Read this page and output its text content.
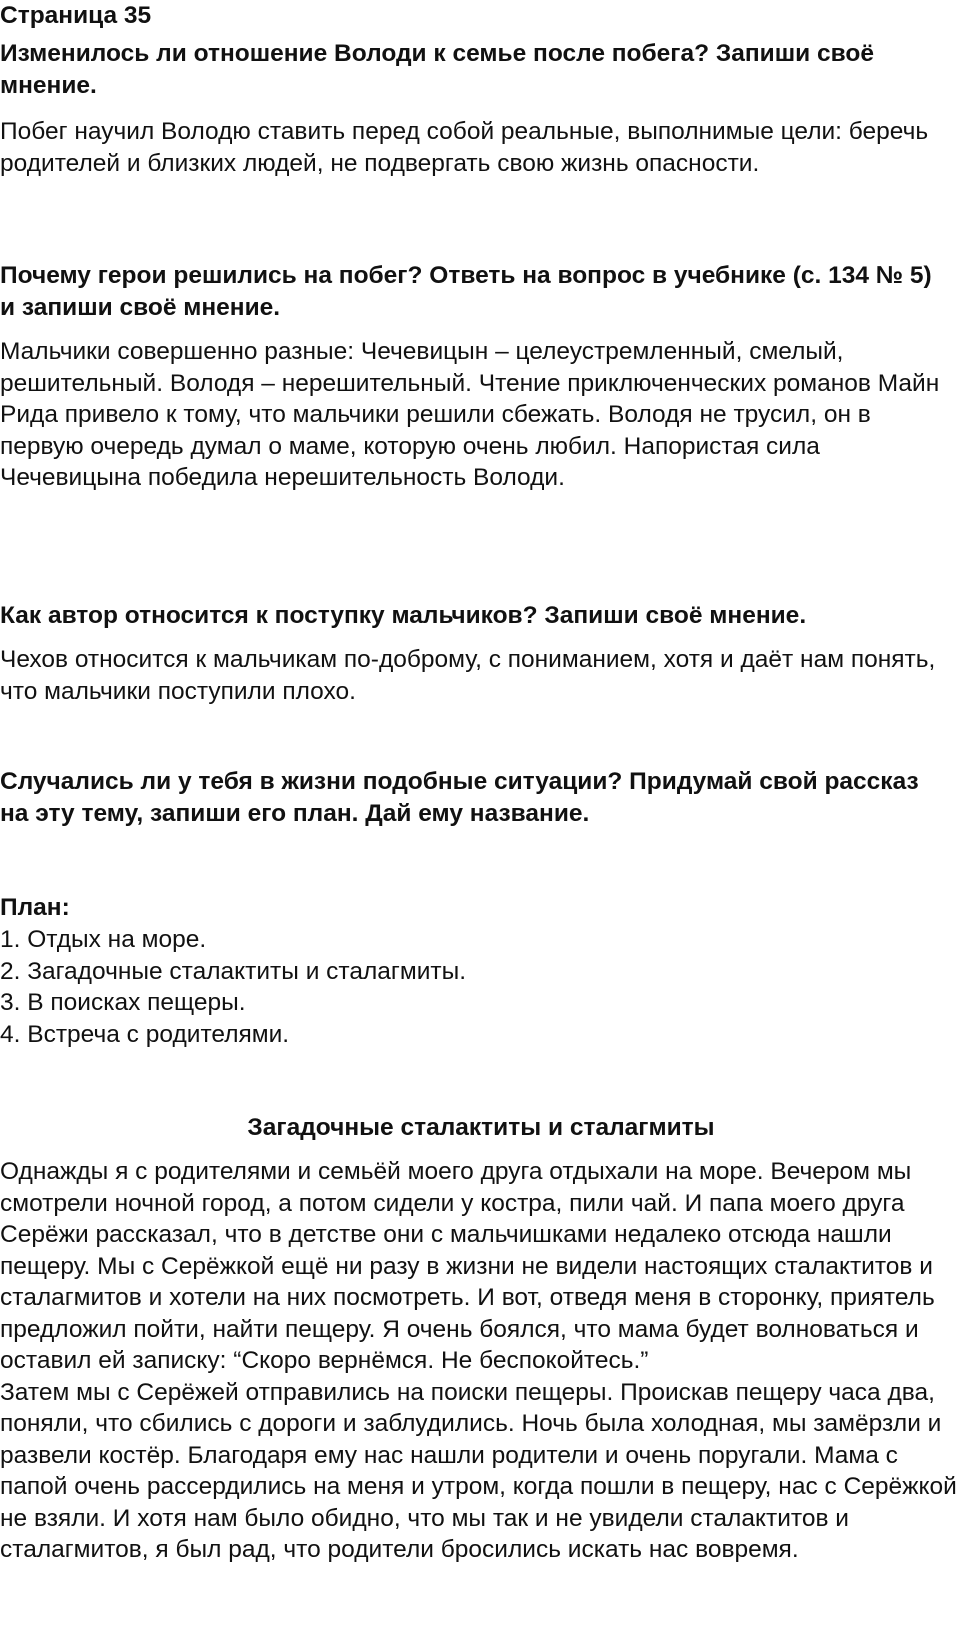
Страница 35

Изменилось ли отношение Володи к семье после побега? Запиши своё мнение.

Побег научил Володю ставить перед собой реальные, выполнимые цели: беречь родителей и близких людей, не подвергать свою жизнь опасности.

Почему герои решились на побег? Ответь на вопрос в учебнике (с. 134 № 5) и запиши своё мнение.

Мальчики совершенно разные: Чечевицын – целеустремленный, смелый, решительный. Володя – нерешительный. Чтение приключенческих романов Майн Рида привело к тому, что мальчики решили сбежать. Володя не трусил, он в первую очередь думал о маме, которую очень любил. Напористая сила Чечевицына победила нерешительность Володи.

Как автор относится к поступку мальчиков? Запиши своё мнение.

Чехов относится к мальчикам по-доброму, с пониманием, хотя и даёт нам понять, что мальчики поступили плохо.

Случались ли у тебя в жизни подобные ситуации? Придумай свой рассказ на эту тему, запиши его план. Дай ему название.

План:

1. Отдых на море.
2. Загадочные сталактиты и сталагмиты.
3. В поисках пещеры.
4. Встреча с родителями.

Загадочные сталактиты и сталагмиты

Однажды я с родителями и семьёй моего друга отдыхали на море. Вечером мы смотрели ночной город, а потом сидели у костра, пили чай. И папа моего друга Серёжи рассказал, что в детстве они с мальчишками недалеко отсюда нашли пещеру. Мы с Серёжкой ещё ни разу в жизни не видели настоящих сталактитов и сталагмитов и хотели на них посмотреть. И вот, отведя меня в сторонку, приятель предложил пойти, найти пещеру. Я очень боялся, что мама будет волноваться и оставил ей записку: “Скоро вернёмся. Не беспокойтесь.”

Затем мы с Серёжей отправились на поиски пещеры. Проискав пещеру часа два, поняли, что сбились с дороги и заблудились. Ночь была холодная, мы замёрзли и развели костёр. Благодаря ему нас нашли родители и очень поругали. Мама с папой очень рассердились на меня и утром, когда пошли в пещеру, нас с Серёжкой не взяли. И хотя нам было обидно, что мы так и не увидели сталактитов и сталагмитов, я был рад, что родители бросились искать нас вовремя.
